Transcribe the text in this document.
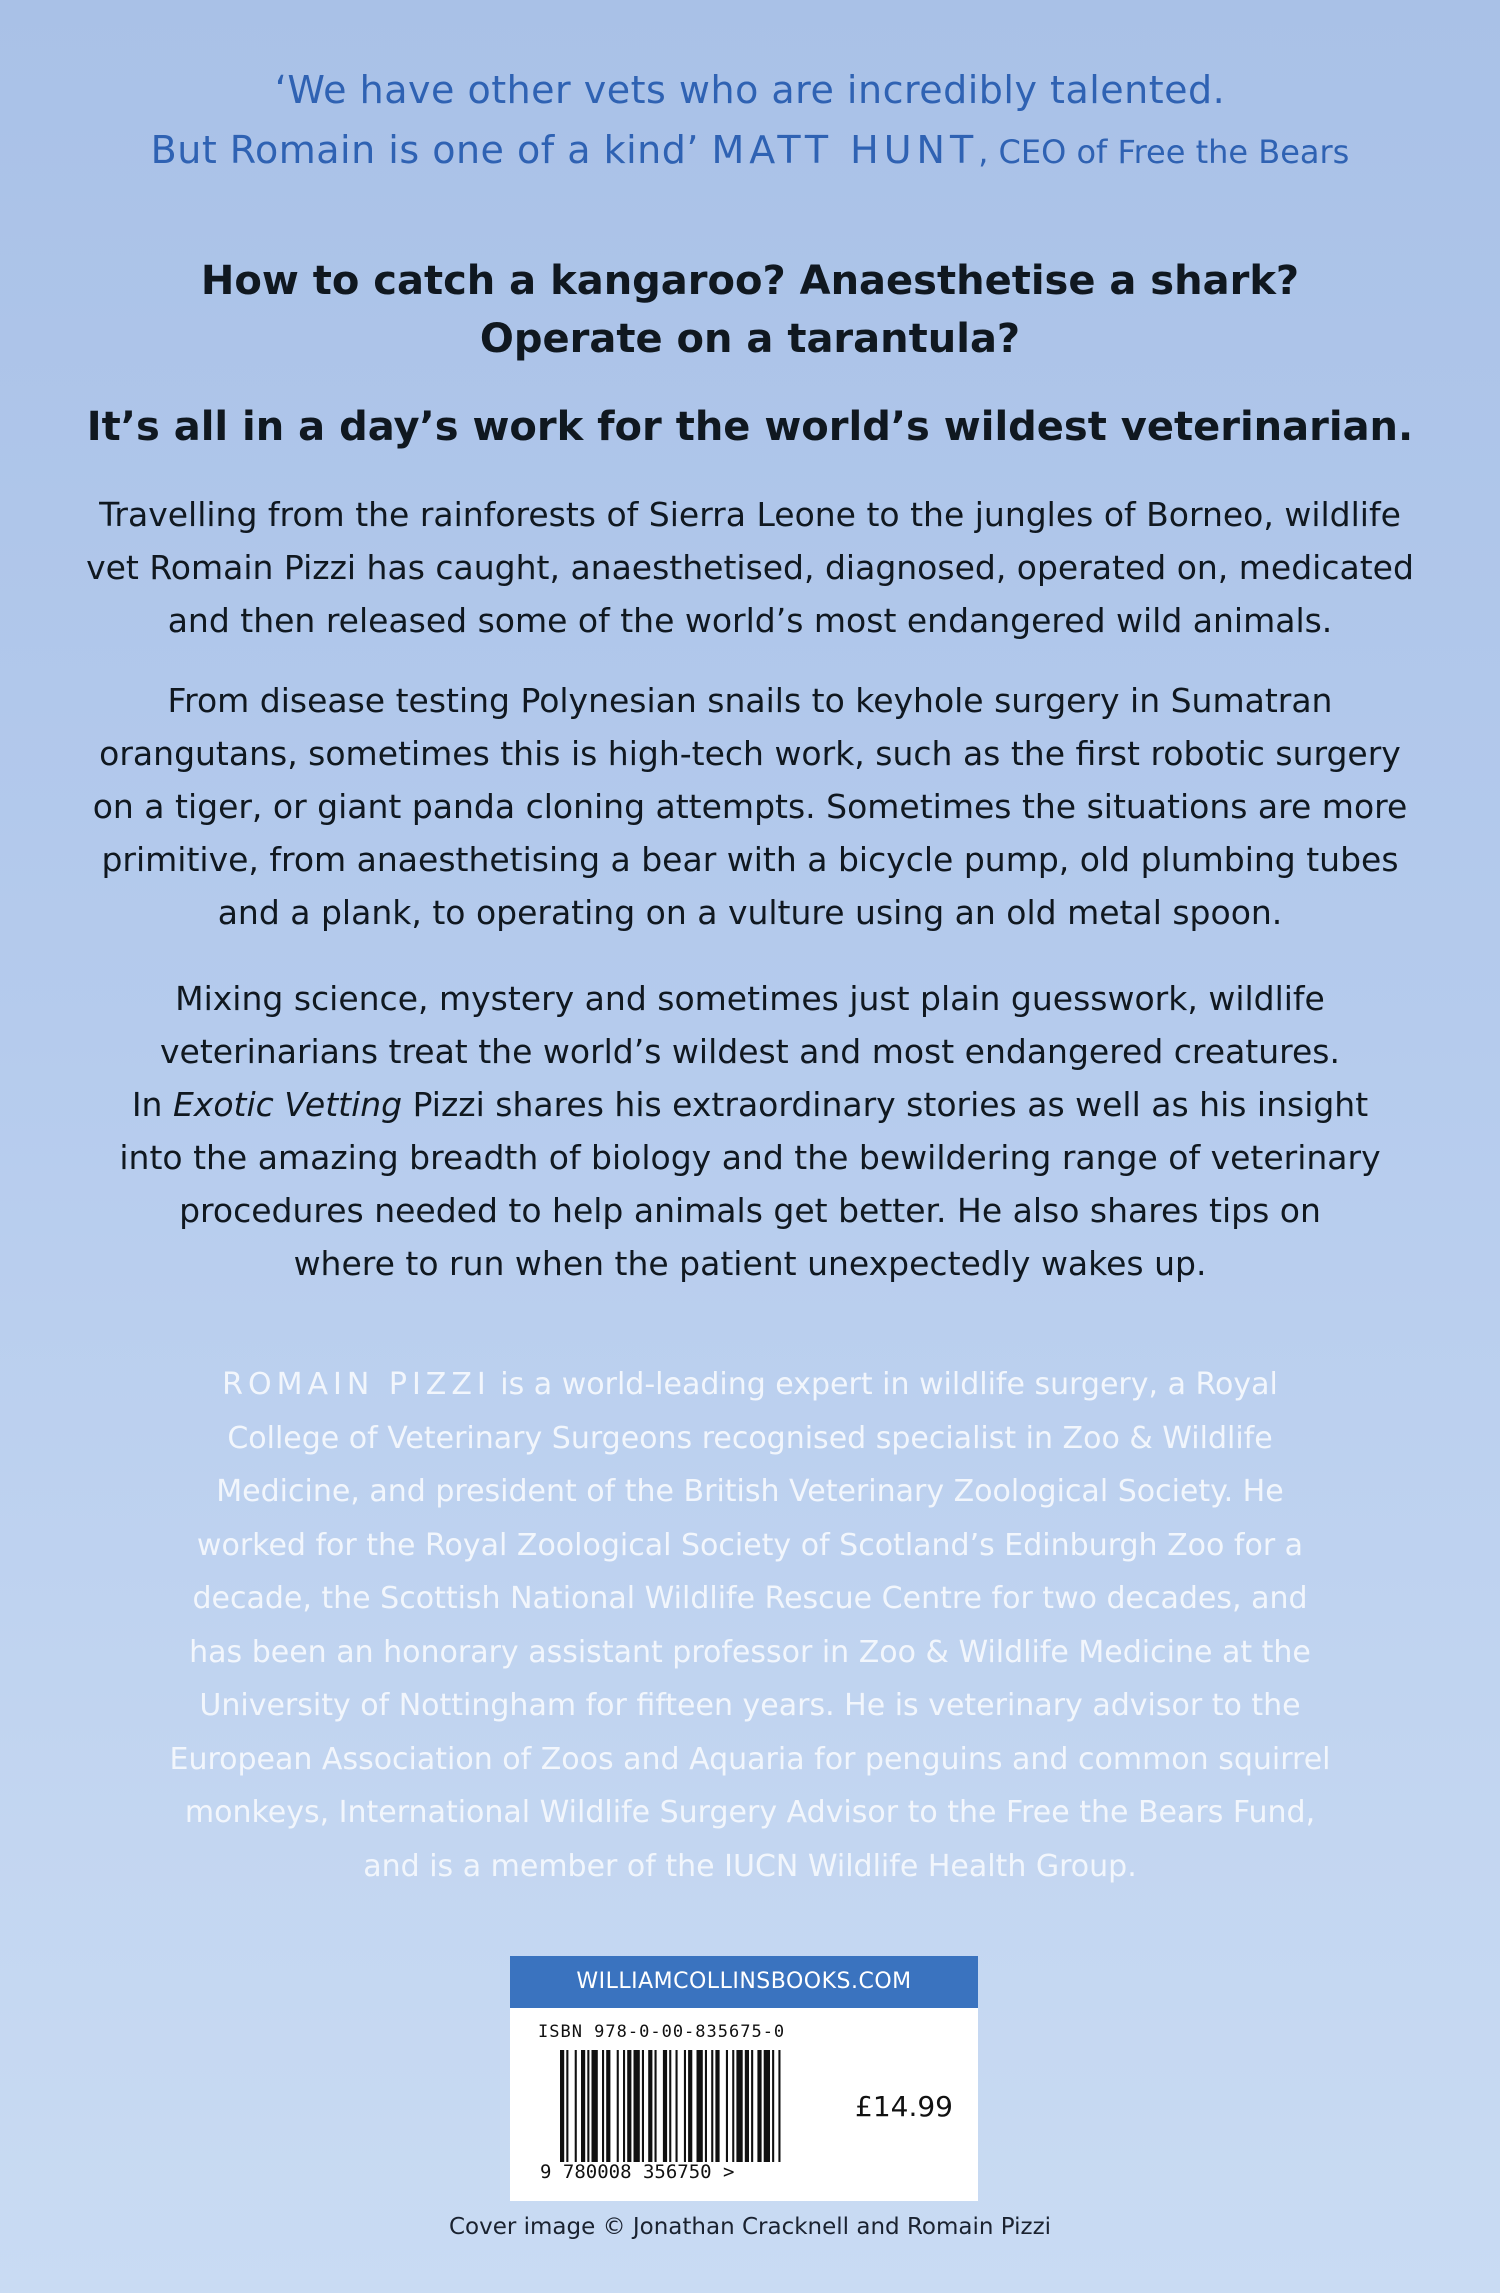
‘We have other vets who are incredibly talented.
But Romain is one of a kind’ MATT HUNT, CEO of Free the Bears
How to catch a kangaroo? Anaesthetise a shark?
Operate on a tarantula?
It’s all in a day’s work for the world’s wildest veterinarian.
Travelling from the rainforests of Sierra Leone to the jungles of Borneo, wildlife
vet Romain Pizzi has caught, anaesthetised, diagnosed, operated on, medicated
and then released some of the world’s most endangered wild animals.
From disease testing Polynesian snails to keyhole surgery in Sumatran
orangutans, sometimes this is high-tech work, such as the first robotic surgery
on a tiger, or giant panda cloning attempts. Sometimes the situations are more
primitive, from anaesthetising a bear with a bicycle pump, old plumbing tubes
and a plank, to operating on a vulture using an old metal spoon.
Mixing science, mystery and sometimes just plain guesswork, wildlife
veterinarians treat the world’s wildest and most endangered creatures.
In Exotic Vetting Pizzi shares his extraordinary stories as well as his insight
into the amazing breadth of biology and the bewildering range of veterinary
procedures needed to help animals get better. He also shares tips on
where to run when the patient unexpectedly wakes up.
ROMAIN PIZZI is a world-leading expert in wildlife surgery, a Royal
College of Veterinary Surgeons recognised specialist in Zoo & Wildlife
Medicine, and president of the British Veterinary Zoological Society. He
worked for the Royal Zoological Society of Scotland’s Edinburgh Zoo for a
decade, the Scottish National Wildlife Rescue Centre for two decades, and
has been an honorary assistant professor in Zoo & Wildlife Medicine at the
University of Nottingham for fifteen years. He is veterinary advisor to the
European Association of Zoos and Aquaria for penguins and common squirrel
monkeys, International Wildlife Surgery Advisor to the Free the Bears Fund,
and is a member of the IUCN Wildlife Health Group.
WILLIAMCOLLINSBOOKS.COM
ISBN 978-0-00-835675-0
9 780008 356750 >
£14.99
Cover image © Jonathan Cracknell and Romain Pizzi
